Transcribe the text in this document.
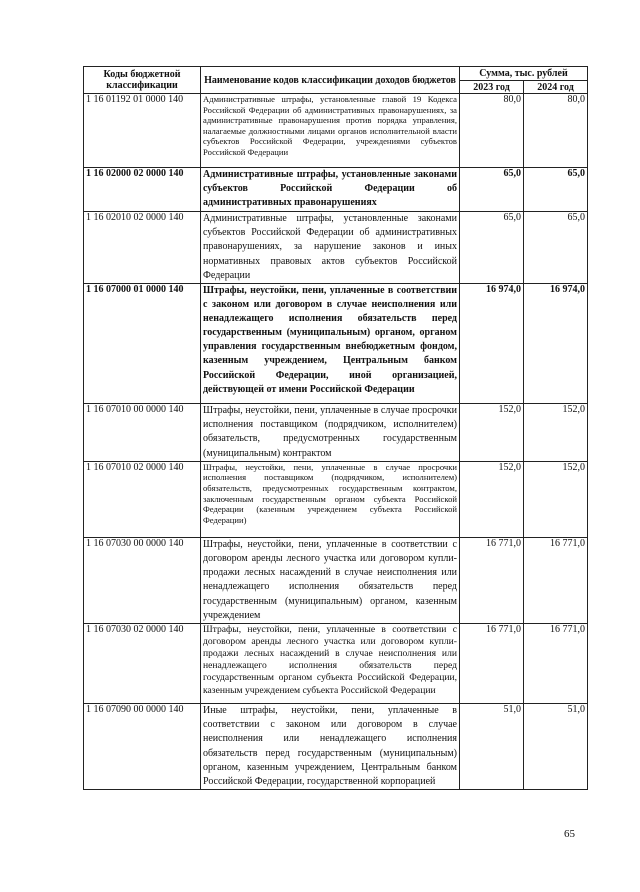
Коды бюджетной классификации	Наименование кодов классификации доходов бюджетов	Сумма, тыс. рублей	
		2023 год	2024 год
1 16 01192 01 0000 140	Административные штрафы, установленные главой 19 Кодекса Российской Федерации об административных правонарушениях, за административные правонарушения против порядка управления, налагаемые должностными лицами органов исполнительной власти субъектов Российской Федерации, учреждениями субъектов Российской Федерации	80,0	80,0
1 16 02000 02 0000 140	Административные штрафы, установленные законами субъектов Российской Федерации об административных правонарушениях	65,0	65,0
1 16 02010 02 0000 140	Административные штрафы, установленные законами субъектов Российской Федерации об административных правонарушениях, за нарушение законов и иных нормативных правовых актов субъектов Российской Федерации	65,0	65,0
1 16 07000 01 0000 140	Штрафы, неустойки, пени, уплаченные в соответствии с законом или договором в случае неисполнения или ненадлежащего исполнения обязательств перед государственным (муниципальным) органом, органом управления государственным внебюджетным фондом, казенным учреждением, Центральным банком Российской Федерации, иной организацией, действующей от имени Российской Федерации	16 974,0	16 974,0
1 16 07010 00 0000 140	Штрафы, неустойки, пени, уплаченные в случае просрочки исполнения поставщиком (подрядчиком, исполнителем) обязательств, предусмотренных государственным (муниципальным) контрактом	152,0	152,0
1 16 07010 02 0000 140	Штрафы, неустойки, пени, уплаченные в случае просрочки исполнения поставщиком (подрядчиком, исполнителем) обязательств, предусмотренных государственным контрактом, заключенным государственным органом субъекта Российской Федерации (казенным учреждением субъекта Российской Федерации)	152,0	152,0
1 16 07030 00 0000 140	Штрафы, неустойки, пени, уплаченные в соответствии с договором аренды лесного участка или договором купли-продажи лесных насаждений в случае неисполнения или ненадлежащего исполнения обязательств перед государственным (муниципальным) органом, казенным учреждением	16 771,0	16 771,0
1 16 07030 02 0000 140	Штрафы, неустойки, пени, уплаченные в соответствии с договором аренды лесного участка или договором купли-продажи лесных насаждений в случае неисполнения или ненадлежащего исполнения обязательств перед государственным органом субъекта Российской Федерации, казенным учреждением субъекта Российской Федерации	16 771,0	16 771,0
1 16 07090 00 0000 140	Иные штрафы, неустойки, пени, уплаченные в соответствии с законом или договором в случае неисполнения или ненадлежащего исполнения обязательств перед государственным (муниципальным) органом, казенным учреждением, Центральным банком Российской Федерации, государственной корпорацией	51,0	51,0
65
